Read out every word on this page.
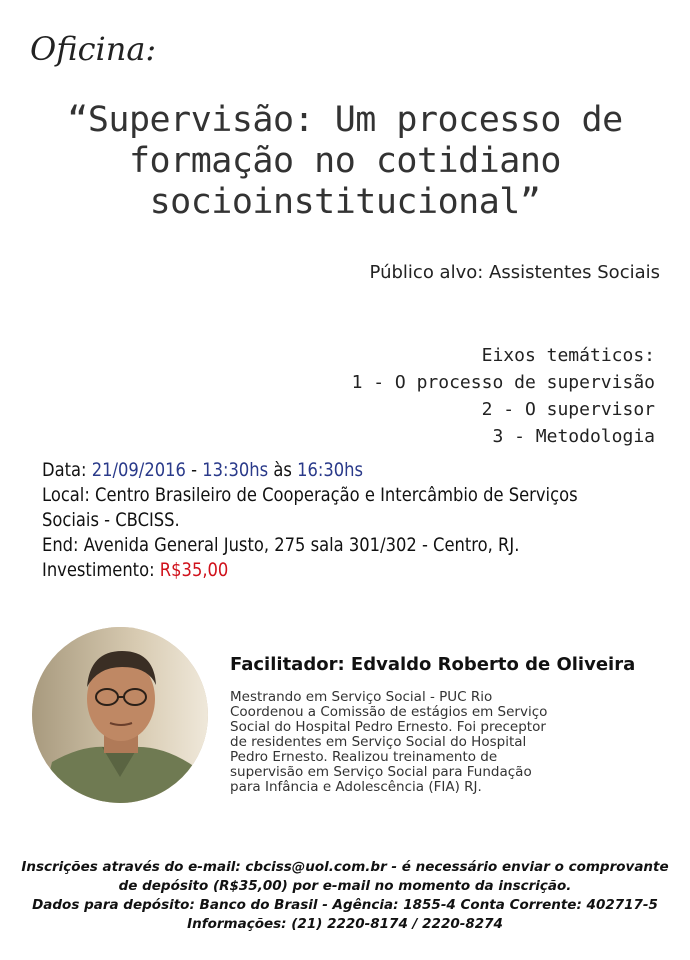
Oficina:
“Supervisão: Um processo de
formação no cotidiano
socioinstitucional”
Público alvo: Assistentes Sociais
Eixos temáticos:
1 - O processo de supervisão
2 - O supervisor
3 - Metodologia
Data: 21/09/2016 - 13:30hs às 16:30hs
Local: Centro Brasileiro de Cooperação e Intercâmbio de Serviços
Sociais - CBCISS.
End: Avenida General Justo, 275 sala 301/302 - Centro, RJ.
Investimento: R$35,00
Facilitador: Edvaldo Roberto de Oliveira
Mestrando em Serviço Social - PUC Rio
Coordenou a Comissão de estágios em Serviço
Social do Hospital Pedro Ernesto. Foi preceptor
de residentes em Serviço Social do Hospital
Pedro Ernesto. Realizou treinamento de
supervisão em Serviço Social para Fundação
para Infância e Adolescência (FIA) RJ.
Inscrições através do e-mail: cbciss@uol.com.br - é necessário enviar o comprovante
de depósito (R$35,00) por e-mail no momento da inscrição.
Dados para depósito: Banco do Brasil - Agência: 1855-4 Conta Corrente: 402717-5
Informações: (21) 2220-8174 / 2220-8274
